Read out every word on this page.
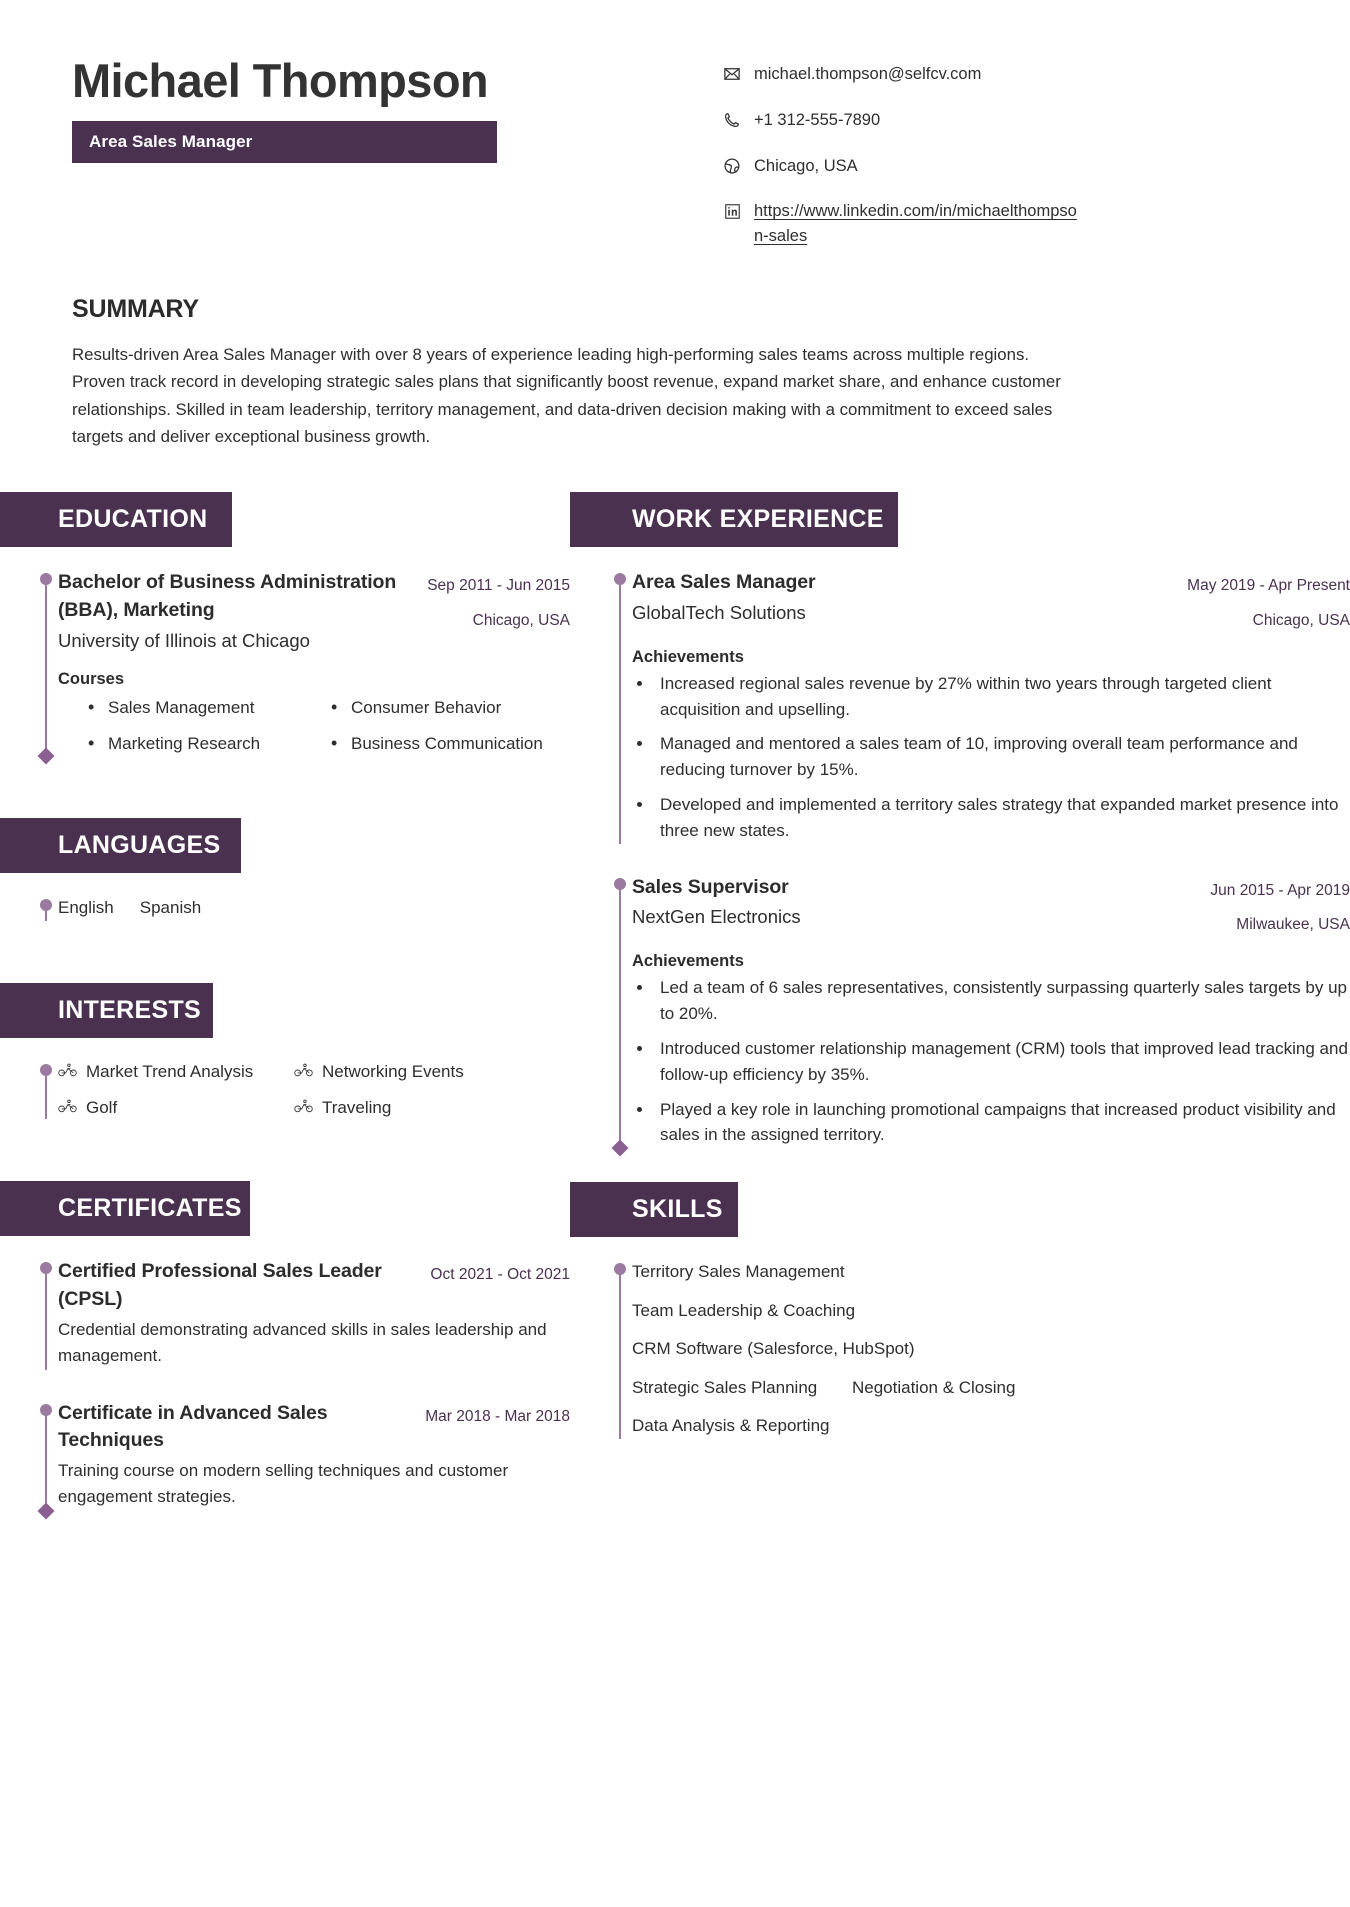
Michael Thompson
Area Sales Manager
michael.thompson@selfcv.com
+1 312-555-7890
Chicago, USA
https://www.linkedin.com/in/michaelthompson-sales
SUMMARY
Results-driven Area Sales Manager with over 8 years of experience leading high-performing sales teams across multiple regions. Proven track record in developing strategic sales plans that significantly boost revenue, expand market share, and enhance customer relationships. Skilled in team leadership, territory management, and data-driven decision making with a commitment to exceed sales targets and deliver exceptional business growth.
EDUCATION
Bachelor of Business Administration (BBA), Marketing
University of Illinois at Chicago
Sep 2011 - Jun 2015
Chicago, USA
Courses
• Sales Management	• Consumer Behavior
• Marketing Research	• Business Communication
LANGUAGES
English Spanish
INTERESTS
Market Trend Analysis	Networking Events
Golf	Traveling
CERTIFICATES
Certified Professional Sales Leader (CPSL)
Oct 2021 - Oct 2021
Credential demonstrating advanced skills in sales leadership and management.
Certificate in Advanced Sales Techniques
Mar 2018 - Mar 2018
Training course on modern selling techniques and customer engagement strategies.
WORK EXPERIENCE
Area Sales Manager
GlobalTech Solutions
May 2019 - Apr Present
Chicago, USA
Achievements
• Increased regional sales revenue by 27% within two years through targeted client acquisition and upselling.
• Managed and mentored a sales team of 10, improving overall team performance and reducing turnover by 15%.
• Developed and implemented a territory sales strategy that expanded market presence into three new states.
Sales Supervisor
NextGen Electronics
Jun 2015 - Apr 2019
Milwaukee, USA
Achievements
• Led a team of 6 sales representatives, consistently surpassing quarterly sales targets by up to 20%.
• Introduced customer relationship management (CRM) tools that improved lead tracking and follow-up efficiency by 35%.
• Played a key role in launching promotional campaigns that increased product visibility and sales in the assigned territory.
SKILLS
Territory Sales Management
Team Leadership & Coaching
CRM Software (Salesforce, HubSpot)
Strategic Sales Planning Negotiation & Closing
Data Analysis & Reporting
